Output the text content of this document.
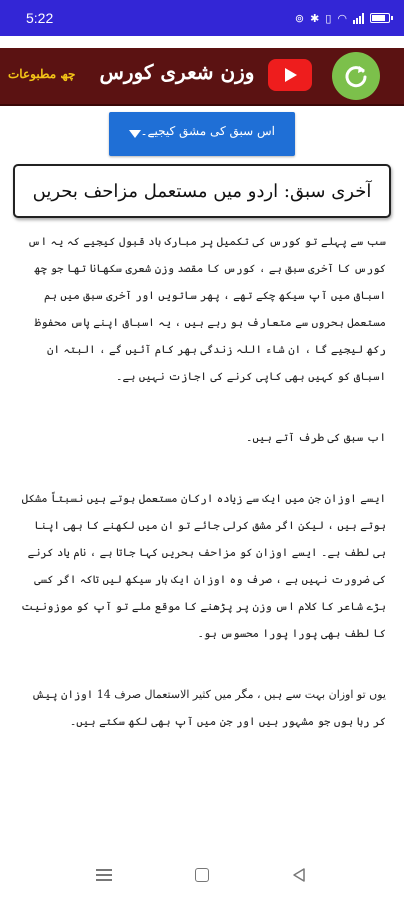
5:22	⊚ ✱ ▯ ◠
چھ مطبوعات	وزن شعری کورس
اس سبق کی مشق کیجیے۔
آخری سبق: اردو میں مستعمل مزاحف بحریں

سب سے پہلے تو کورس کی تکمیل پر مبارک باد قبول کیجیے کہ یہ اس کورس کا آخری سبق ہے ، کورس کا مقصد وزنِ شعری سکھانا تھا جو چھ اسباق میں آپ سیکھ چکے تھے ، پھر ساتویں اور آخری سبق میں ہم مستعمل بحروں سے متعارف ہو رہے ہیں ، یہ اسباق اپنے پاس محفوظ رکھ لیجیے گا ، ان شاء اللہ زندگی بھر کام آئیں گے ، البتہ ان اسباق کو کہیں بھی کاپی کرنے کی اجازت نہیں ہے۔

اب سبق کی طرف آتے ہیں۔

ایسے اوزان جن میں ایک سے زیادہ ارکان مستعمل ہوتے ہیں نسبتاً مشکل ہوتے ہیں ، لیکن اگر مشق کرلی جائے تو ان میں لکھنے کا بھی اپنا ہی لطف ہے۔ ایسے اوزان کو مزاحف بحریں کہا جاتا ہے ، نام یاد کرنے کی ضرورت نہیں ہے ، صرف وہ اوزان ایک بار سیکھ لیں تاکہ اگر کسی بڑے شاعر کا کلام اس وزن پر پڑھنے کا موقع ملے تو آپ کو موزونیت کا لطف بھی پورا پورا محسوس ہو۔

یوں تو اوزان بہت سے ہیں ، مگر میں کثیر الاستعمال صرف 14 اوزان پیش کر رہا ہوں جو مشہور ہیں اور جن میں آپ بھی لکھ سکتے ہیں۔
